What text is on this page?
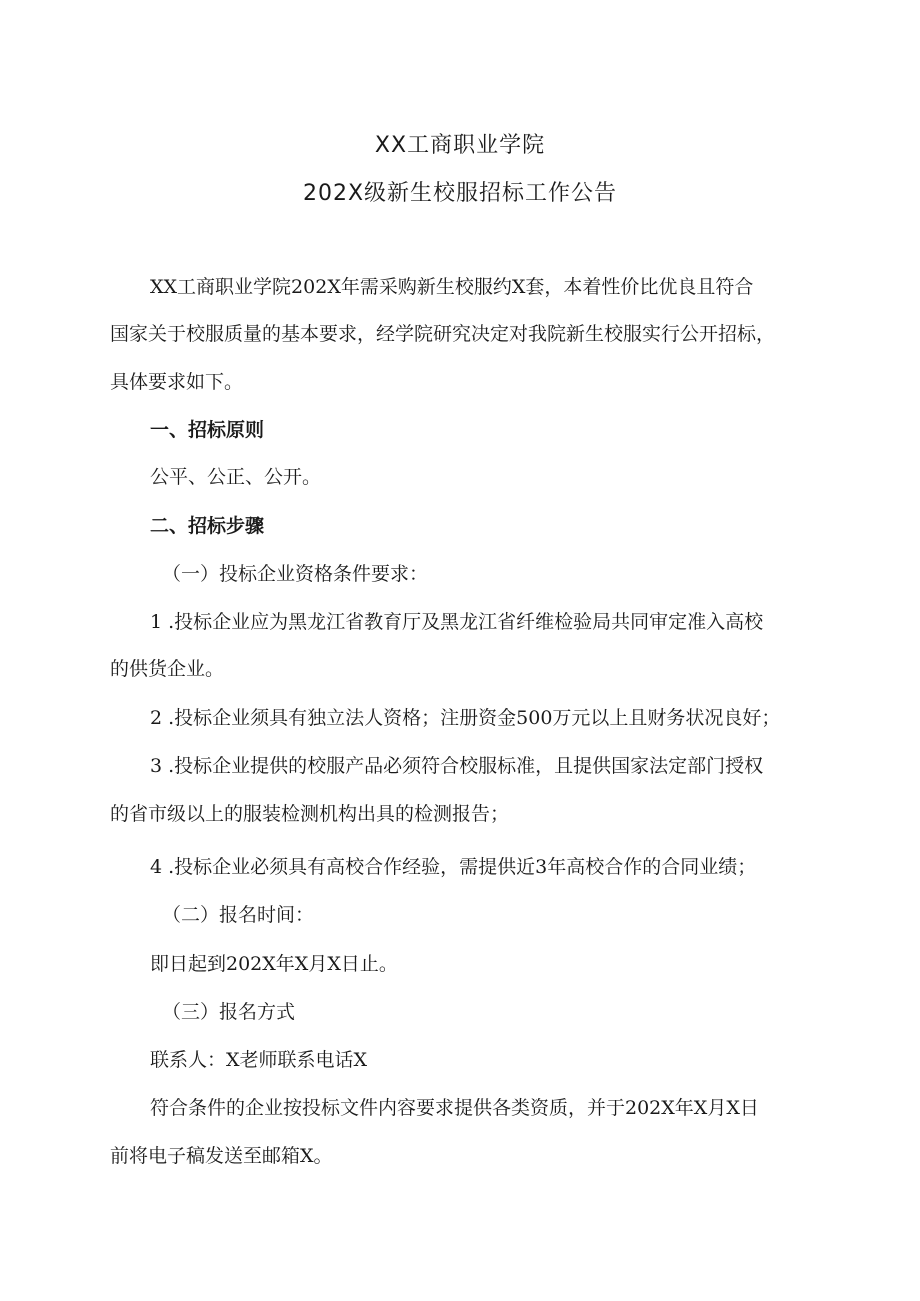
XX工商职业学院
202X级新生校服招标工作公告
XX工商职业学院202X年需采购新生校服约X套，本着性价比优良且符合
国家关于校服质量的基本要求，经学院研究决定对我院新生校服实行公开招标，
具体要求如下。
一、招标原则
公平、公正、公开。
二、招标步骤
（一）投标企业资格条件要求：
1 .投标企业应为黑龙江省教育厅及黑龙江省纤维检验局共同审定准入高校
的供货企业。
2 .投标企业须具有独立法人资格；注册资金500万元以上且财务状况良好；
3 .投标企业提供的校服产品必须符合校服标准，且提供国家法定部门授权
的省市级以上的服装检测机构出具的检测报告；
4 .投标企业必须具有高校合作经验，需提供近3年高校合作的合同业绩；
（二）报名时间：
即日起到202X年X月X日止。
（三）报名方式
联系人：X老师联系电话X
符合条件的企业按投标文件内容要求提供各类资质，并于202X年X月X日
前将电子稿发送至邮箱X。
